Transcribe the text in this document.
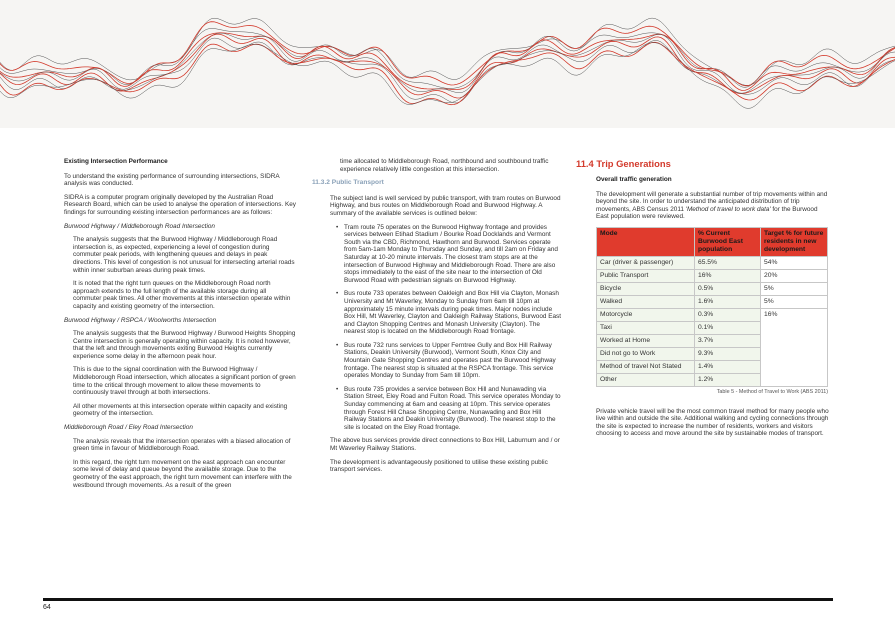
Existing Intersection Performance

To understand the existing performance of surrounding intersections, SIDRA analysis was conducted.

SIDRA is a computer program originally developed by the Australian Road Research Board, which can be used to analyse the operation of intersections. Key findings for surrounding existing intersection performances are as follows:

Burwood Highway / Middleborough Road Intersection

The analysis suggests that the Burwood Highway / Middleborough Road intersection is, as expected, experiencing a level of congestion during commuter peak periods, with lengthening queues and delays in peak directions. This level of congestion is not unusual for intersecting arterial roads within inner suburban areas during peak times.

It is noted that the right turn queues on the Middleborough Road north approach extends to the full length of the available storage during all commuter peak times. All other movements at this intersection operate within capacity and existing geometry of the intersection.

Burwood Highway / RSPCA / Woolworths Intersection

The analysis suggests that the Burwood Highway / Burwood Heights Shopping Centre intersection is generally operating within capacity. It is noted however, that the left and through movements exiting Burwood Heights currently experience some delay in the afternoon peak hour.

This is due to the signal coordination with the Burwood Highway / Middleborough Road intersection, which allocates a significant portion of green time to the critical through movement to allow these movements to continuously travel through at both intersections.

All other movements at this intersection operate within capacity and existing geometry of the intersection.

Middleborough Road / Eley Road Intersection

The analysis reveals that the intersection operates with a biased allocation of green time in favour of Middleborough Road.

In this regard, the right turn movement on the east approach can encounter some level of delay and queue beyond the available storage. Due to the geometry of the east approach, the right turn movement can interfere with the westbound through movements. As a result of the green

time allocated to Middleborough Road, northbound and southbound traffic experience relatively little congestion at this intersection.

11.3.2 Public Transport

The subject land is well serviced by public transport, with tram routes on Burwood Highway, and bus routes on Middleborough Road and Burwood Highway. A summary of the available services is outlined below:

• Tram route 75 operates on the Burwood Highway frontage and provides services between Etihad Stadium / Bourke Road Docklands and Vermont South via the CBD, Richmond, Hawthorn and Burwood. Services operate from 5am-1am Monday to Thursday and Sunday, and till 2am on Friday and Saturday at 10-20 minute intervals. The closest tram stops are at the intersection of Burwood Highway and Middleborough Road. There are also stops immediately to the east of the site near to the intersection of Old Burwood Road with pedestrian signals on Burwood Highway.
• Bus route 733 operates between Oakleigh and Box Hill via Clayton, Monash University and Mt Waverley, Monday to Sunday from 6am till 10pm at approximately 15 minute intervals during peak times. Major nodes include Box Hill, Mt Waverley, Clayton and Oakleigh Railway Stations, Burwood East and Clayton Shopping Centres and Monash University (Clayton). The nearest stop is located on the Middleborough Road frontage.
• Bus route 732 runs services to Upper Ferntree Gully and Box Hill Railway Stations, Deakin University (Burwood), Vermont South, Knox City and Mountain Gate Shopping Centres and operates past the Burwood Highway frontage. The nearest stop is situated at the RSPCA frontage. This service operates Monday to Sunday from 5am till 10pm.
• Bus route 735 provides a service between Box Hill and Nunawading via Station Street, Eley Road and Fulton Road. This service operates Monday to Sunday commencing at 6am and ceasing at 10pm. This service operates through Forest Hill Chase Shopping Centre, Nunawading and Box Hill Railway Stations and Deakin University (Burwood). The nearest stop to the site is located on the Eley Road frontage.

The above bus services provide direct connections to Box Hill, Laburnum and / or Mt Waverley Railway Stations.

The development is advantageously positioned to utilise these existing public transport services.

11.4 Trip Generations

Overall traffic generation

The development will generate a substantial number of trip movements within and beyond the site. In order to understand the anticipated distribution of trip movements, ABS Census 2011 'Method of travel to work data' for the Burwood East population were reviewed.

Mode	% Current Burwood East population	Target % for future residents in new development
Car (driver & passenger)	65.5%	54%
Public Transport	16%	20%
Bicycle	0.5%	5%
Walked	1.6%	5%
Motorcycle	0.3%	16%
Taxi	0.1%	
Worked at Home	3.7%	
Did not go to Work	9.3%	
Method of travel Not Stated	1.4%	
Other	1.2%	

Table 5 - Method of Travel to Work (ABS 2011)

Private vehicle travel will be the most common travel method for many people who live within and outside the site. Additional walking and cycling connections through the site is expected to increase the number of residents, workers and visitors choosing to access and move around the site by sustainable modes of transport.

64
